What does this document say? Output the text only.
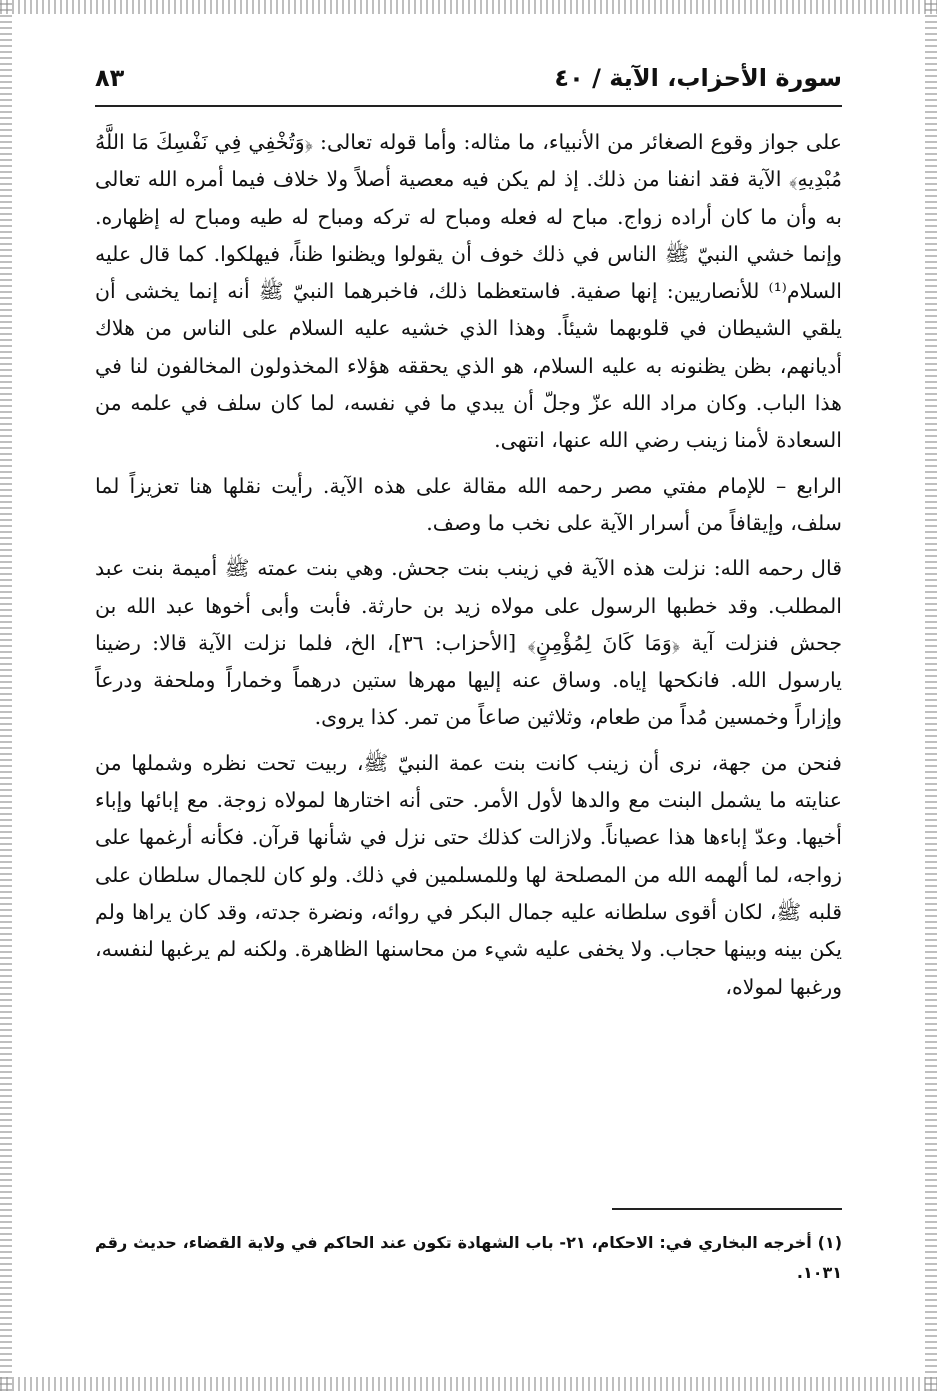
سورة الأحزاب، الآية / ٤٠
٨٣

على جواز وقوع الصغائر من الأنبياء، ما مثاله: وأما قوله تعالى: ﴿وَتُخْفِي فِي نَفْسِكَ مَا اللَّهُ مُبْدِيهِ﴾ الآية فقد انفنا من ذلك. إذ لم يكن فيه معصية أصلاً ولا خلاف فيما أمره الله تعالى به وأن ما كان أراده زواج. مباح له فعله ومباح له تركه ومباح له طيه ومباح له إظهاره. وإنما خشي النبيّ ﷺ الناس في ذلك خوف أن يقولوا ويظنوا ظناً، فيهلكوا. كما قال عليه السلام⁽¹⁾ للأنصاريين: إنها صفية. فاستعظما ذلك، فاخبرهما النبيّ ﷺ أنه إنما يخشى أن يلقي الشيطان في قلوبهما شيئاً. وهذا الذي خشيه عليه السلام على الناس من هلاك أديانهم، بظن يظنونه به عليه السلام، هو الذي يحققه هؤلاء المخذولون المخالفون لنا في هذا الباب. وكان مراد الله عزّ وجلّ أن يبدي ما في نفسه، لما كان سلف في علمه من السعادة لأمنا زينب رضي الله عنها، انتهى.

الرابع – للإمام مفتي مصر رحمه الله مقالة على هذه الآية. رأيت نقلها هنا تعزيزاً لما سلف، وإيقافاً من أسرار الآية على نخب ما وصف.

قال رحمه الله: نزلت هذه الآية في زينب بنت جحش. وهي بنت عمته ﷺ أميمة بنت عبد المطلب. وقد خطبها الرسول على مولاه زيد بن حارثة. فأبت وأبى أخوها عبد الله بن جحش فنزلت آية ﴿وَمَا كَانَ لِمُؤْمِنٍ﴾ [الأحزاب: ٣٦]، الخ، فلما نزلت الآية قالا: رضينا يارسول الله. فانكحها إياه. وساق عنه إليها مهرها ستين درهماً وخماراً وملحفة ودرعاً وإزاراً وخمسين مُداً من طعام، وثلاثين صاعاً من تمر. كذا يروى.

فنحن من جهة، نرى أن زينب كانت بنت عمة النبيّ ﷺ، ربيت تحت نظره وشملها من عنايته ما يشمل البنت مع والدها لأول الأمر. حتى أنه اختارها لمولاه زوجة. مع إبائها وإباء أخيها. وعدّ إباءها هذا عصياناً. ولازالت كذلك حتى نزل في شأنها قرآن. فكأنه أرغمها على زواجه، لما ألهمه الله من المصلحة لها وللمسلمين في ذلك. ولو كان للجمال سلطان على قلبه ﷺ، لكان أقوى سلطانه عليه جمال البكر في روائه، ونضرة جدته، وقد كان يراها ولم يكن بينه وبينها حجاب. ولا يخفى عليه شيء من محاسنها الظاهرة. ولكنه لم يرغبها لنفسه، ورغبها لمولاه،

(١) أخرجه البخاري في: الاحكام، ٢١- باب الشهادة تكون عند الحاكم في ولاية القضاء، حديث رقم ١٠٣١.
